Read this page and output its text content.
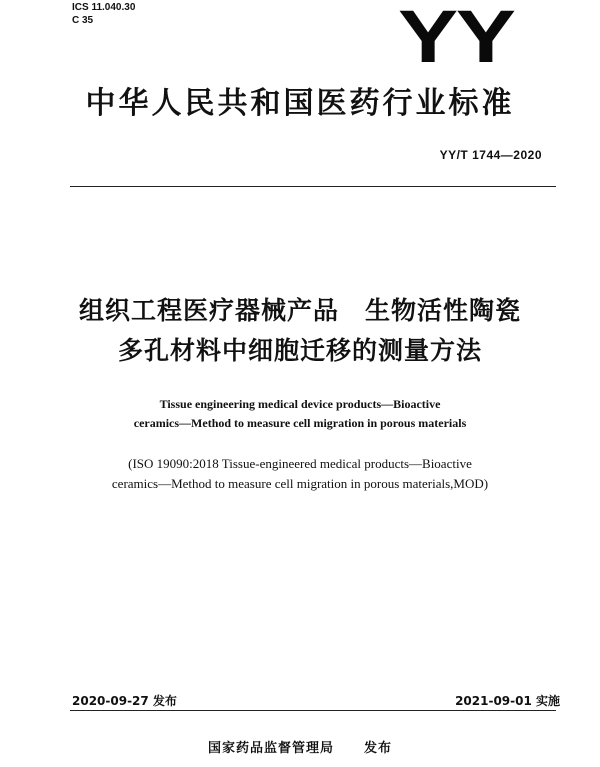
ICS 11.040.30
C 35	YY
中华人民共和国医药行业标准
YY/T 1744—2020
组织工程医疗器械产品　生物活性陶瓷
多孔材料中细胞迁移的测量方法
Tissue engineering medical device products—Bioactive
ceramics—Method to measure cell migration in porous materials
(ISO 19090:2018 Tissue-engineered medical products—Bioactive
ceramics—Method to measure cell migration in porous materials,MOD)
2020-09-27 发布	2021-09-01 实施
国家药品监督管理局 发布
